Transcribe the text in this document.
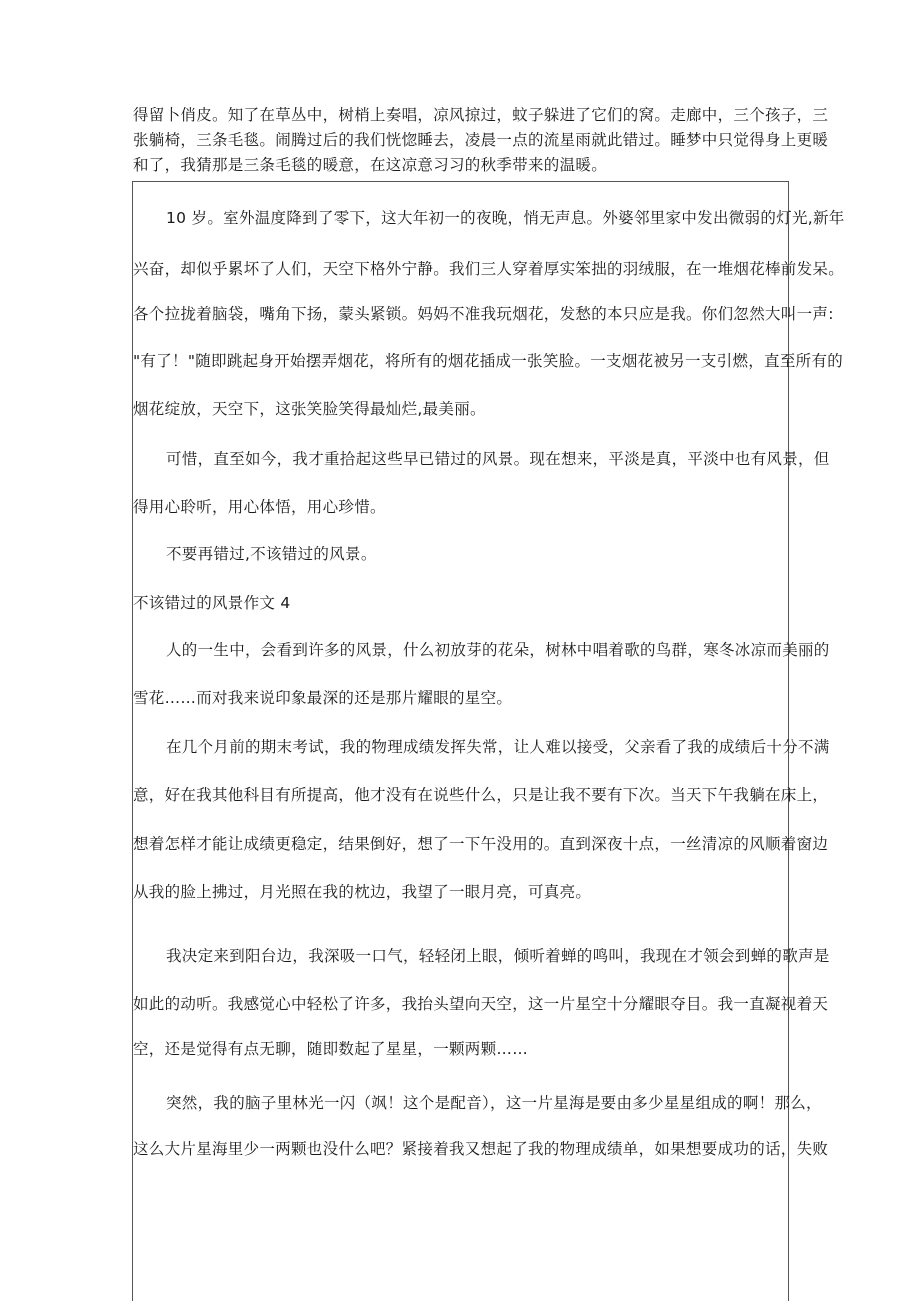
得留卜俏皮。知了在草丛中，树梢上奏唱，凉风掠过，蚊子躲进了它们的窝。走廊中，三个孩子，三
张躺椅，三条毛毯。闹腾过后的我们恍惚睡去，凌晨一点的流星雨就此错过。睡梦中只觉得身上更暖
和了，我猜那是三条毛毯的暖意，在这凉意习习的秋季带来的温暖。
10 岁。室外温度降到了零下，这大年初一的夜晚，悄无声息。外婆邻里家中发出微弱的灯光,新年
兴奋，却似乎累坏了人们，天空下格外宁静。我们三人穿着厚实笨拙的羽绒服，在一堆烟花棒前发呆。
各个拉拢着脑袋，嘴角下扬，蒙头紧锁。妈妈不准我玩烟花，发愁的本只应是我。你们忽然大叫一声:
"有了！"随即跳起身开始摆弄烟花，将所有的烟花插成一张笑脸。一支烟花被另一支引燃，直至所有的
烟花绽放，天空下，这张笑脸笑得最灿烂,最美丽。
可惜，直至如今，我才重拾起这些早已错过的风景。现在想来，平淡是真，平淡中也有风景，但
得用心聆听，用心体悟，用心珍惜。
不要再错过,不该错过的风景。
不该错过的风景作文 4
人的一生中，会看到许多的风景，什么初放芽的花朵，树林中唱着歌的鸟群，寒冬冰凉而美丽的
雪花……而对我来说印象最深的还是那片耀眼的星空。
在几个月前的期末考试，我的物理成绩发挥失常，让人难以接受，父亲看了我的成绩后十分不满
意，好在我其他科目有所提高，他才没有在说些什么，只是让我不要有下次。当天下午我躺在床上，
想着怎样才能让成绩更稳定，结果倒好，想了一下午没用的。直到深夜十点，一丝清凉的风顺着窗边
从我的脸上拂过，月光照在我的枕边，我望了一眼月亮，可真亮。
我决定来到阳台边，我深吸一口气，轻轻闭上眼，倾听着蝉的鸣叫，我现在才领会到蝉的歌声是
如此的动听。我感觉心中轻松了许多，我抬头望向天空，这一片星空十分耀眼夺目。我一直凝视着天
空，还是觉得有点无聊，随即数起了星星，一颗两颗……
突然，我的脑子里林光一闪（飒！这个是配音），这一片星海是要由多少星星组成的啊！那么，
这么大片星海里少一两颗也没什么吧？紧接着我又想起了我的物理成绩单，如果想要成功的话，失败
